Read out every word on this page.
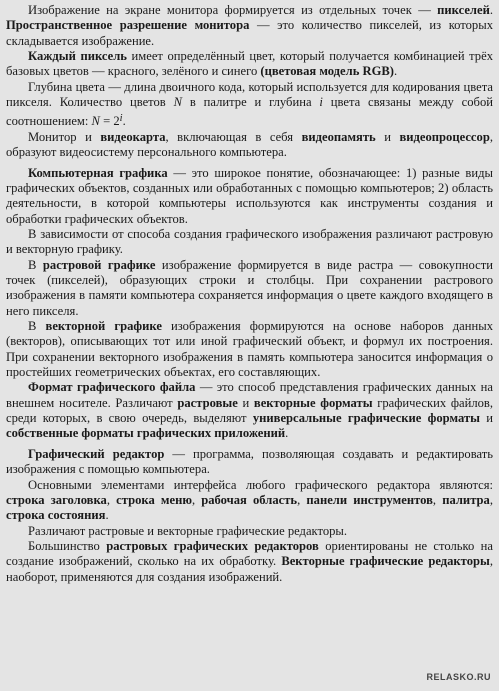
Изображение на экране монитора формируется из отдельных точек — пикселей. Пространственное разрешение монитора — это количество пикселей, из которых складывается изображение.

Каждый пиксель имеет определённый цвет, который получается комбинацией трёх базовых цветов — красного, зелёного и синего (цветовая модель RGB).

Глубина цвета — длина двоичного кода, который используется для кодирования цвета пикселя. Количество цветов N в палитре и глубина i цвета связаны между собой соотношением: $N = 2^i$.

Монитор и видеокарта, включающая в себя видеопамять и видеопроцессор, образуют видеосистему персонального компьютера.

Компьютерная графика — это широкое понятие, обозначающее: 1) разные виды графических объектов, созданных или обработанных с помощью компьютеров; 2) область деятельности, в которой компьютеры используются как инструменты создания и обработки графических объектов.

В зависимости от способа создания графического изображения различают растровую и векторную графику.

В растровой графике изображение формируется в виде растра — совокупности точек (пикселей), образующих строки и столбцы. При сохранении растрового изображения в памяти компьютера сохраняется информация о цвете каждого входящего в него пикселя.

В векторной графике изображения формируются на основе наборов данных (векторов), описывающих тот или иной графический объект, и формул их построения. При сохранении векторного изображения в память компьютера заносится информация о простейших геометрических объектах, его составляющих.

Формат графического файла — это способ представления графических данных на внешнем носителе. Различают растровые и векторные форматы графических файлов, среди которых, в свою очередь, выделяют универсальные графические форматы и собственные форматы графических приложений.

Графический редактор — программа, позволяющая создавать и редактировать изображения с помощью компьютера.

Основными элементами интерфейса любого графического редактора являются: строка заголовка, строка меню, рабочая область, панели инструментов, палитра, строка состояния.

Различают растровые и векторные графические редакторы.

Большинство растровых графических редакторов ориентированы не столько на создание изображений, сколько на их обработку. Векторные графические редакторы, наоборот, применяются для создания изображений.

RELASKO.RU
